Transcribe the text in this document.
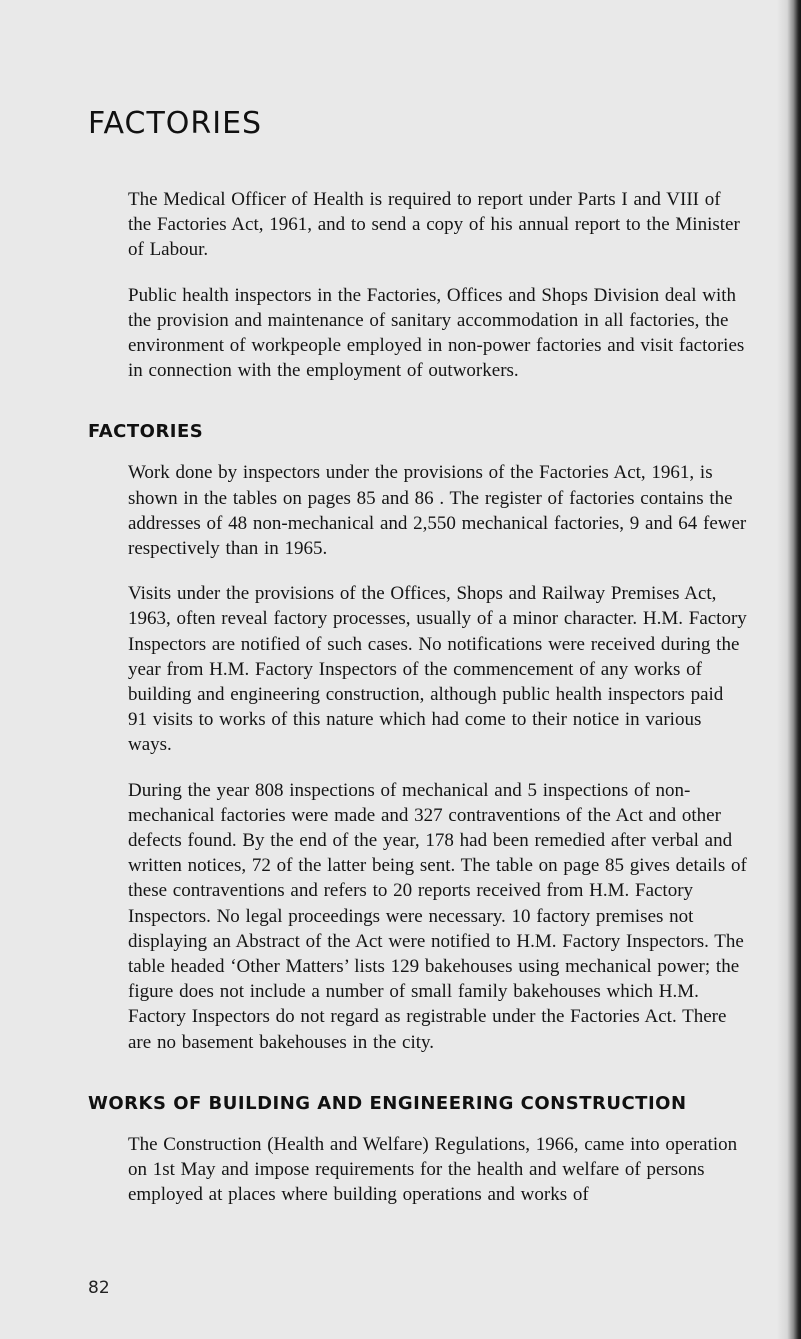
FACTORIES

The Medical Officer of Health is required to report under Parts I and VIII of the Factories Act, 1961, and to send a copy of his annual report to the Minister of Labour.

Public health inspectors in the Factories, Offices and Shops Division deal with the provision and maintenance of sanitary accommodation in all factories, the environment of workpeople employed in non-power factories and visit factories in connection with the employment of outworkers.

FACTORIES

Work done by inspectors under the provisions of the Factories Act, 1961, is shown in the tables on pages 85 and 86 . The register of factories contains the addresses of 48 non-mechanical and 2,550 mechanical factories, 9 and 64 fewer respectively than in 1965.

Visits under the provisions of the Offices, Shops and Railway Premises Act, 1963, often reveal factory processes, usually of a minor character. H.M. Factory Inspectors are notified of such cases. No notifications were received during the year from H.M. Factory Inspectors of the commencement of any works of building and engineering construction, although public health inspectors paid 91 visits to works of this nature which had come to their notice in various ways.

During the year 808 inspections of mechanical and 5 inspections of non-mechanical factories were made and 327 contraventions of the Act and other defects found. By the end of the year, 178 had been remedied after verbal and written notices, 72 of the latter being sent. The table on page 85 gives details of these contraventions and refers to 20 reports received from H.M. Factory Inspectors. No legal proceedings were necessary. 10 factory premises not displaying an Abstract of the Act were notified to H.M. Factory Inspectors. The table headed ‘Other Matters’ lists 129 bakehouses using mechanical power; the figure does not include a number of small family bakehouses which H.M. Factory Inspectors do not regard as registrable under the Factories Act. There are no basement bakehouses in the city.

WORKS OF BUILDING AND ENGINEERING CONSTRUCTION

The Construction (Health and Welfare) Regulations, 1966, came into operation on 1st May and impose requirements for the health and welfare of persons employed at places where building operations and works of

82
